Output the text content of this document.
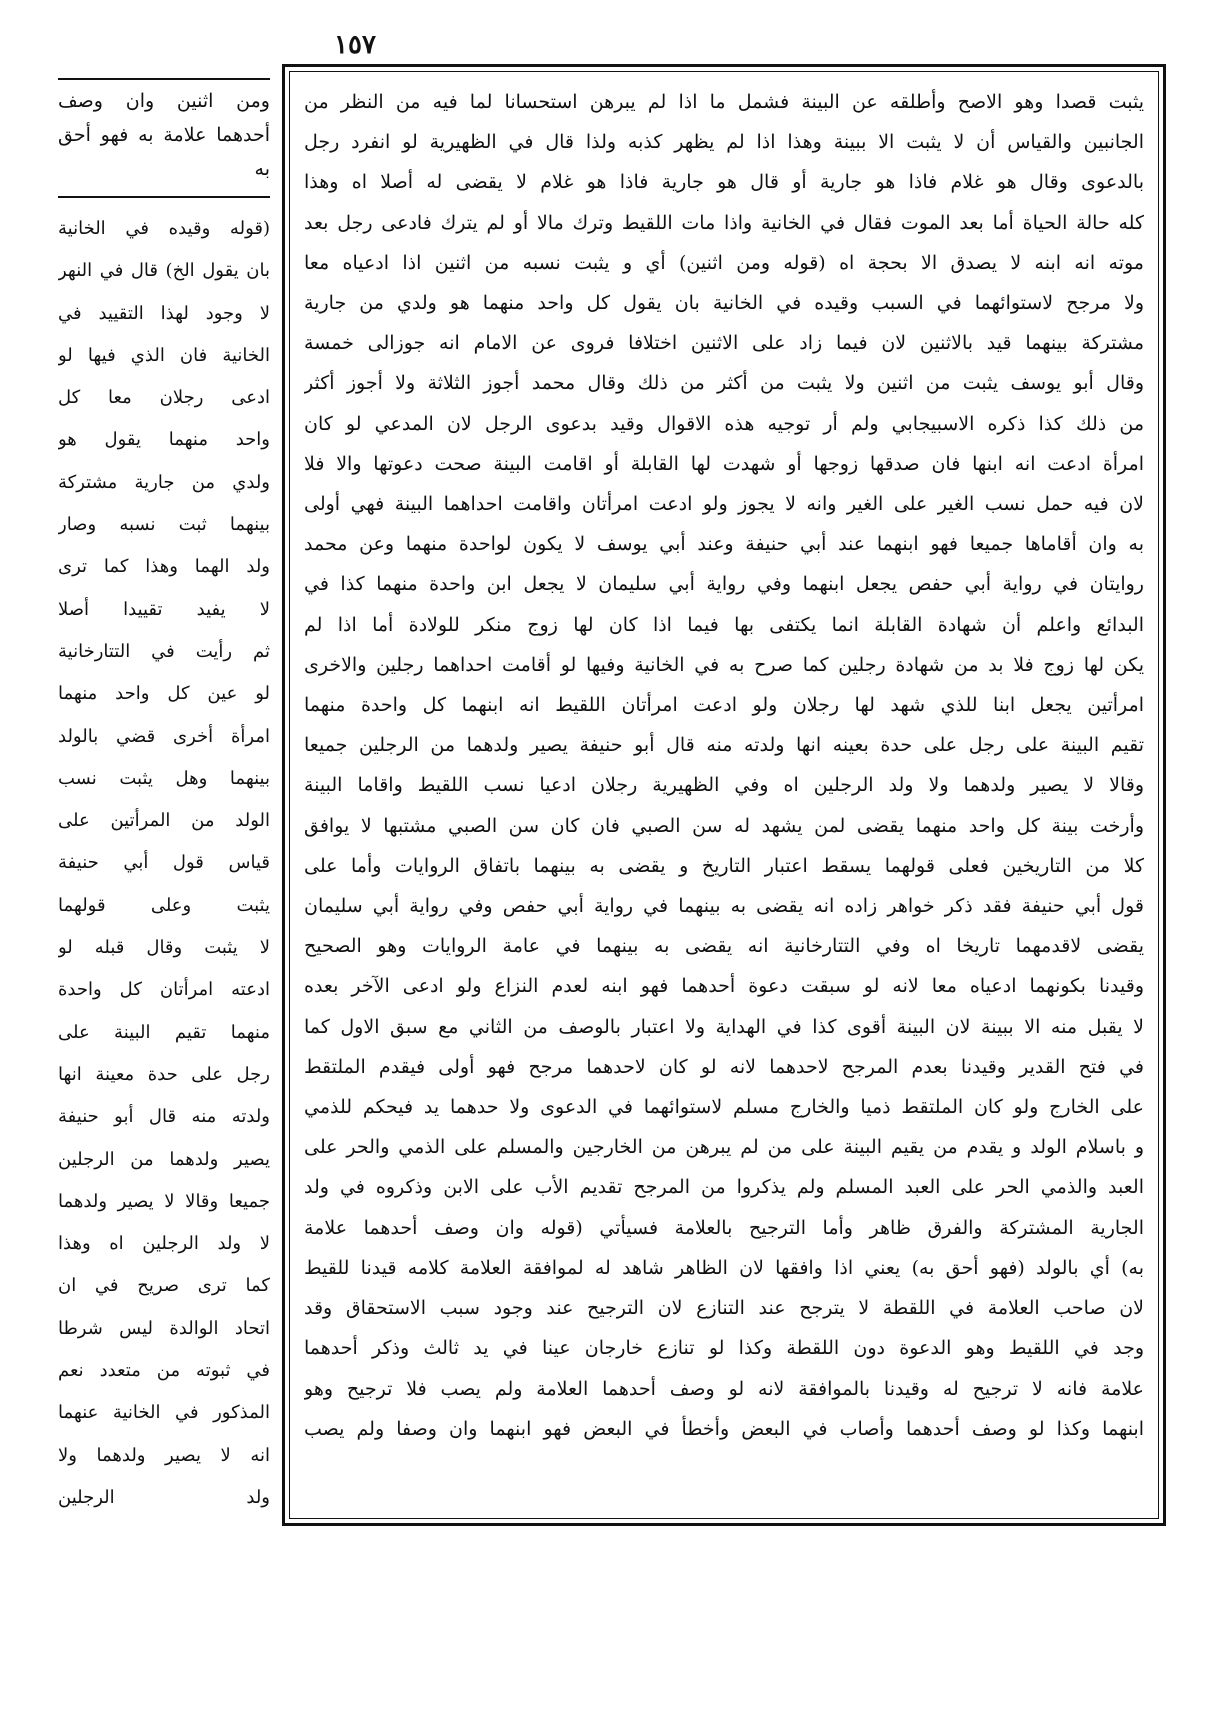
١٥٧
ومن اثنين وان وصف أحدهما علامة به فهو أحق به
(قوله وقيده في الخانية
بان يقول الخ) قال في النهر
لا وجود لهذا التقييد في
الخانية فان الذي فيها لو
ادعى رجلان معا كل
واحد منهما يقول هو
ولدي من جارية مشتركة
بينهما ثبت نسبه وصار
ولد الهما وهذا كما ترى
لا يفيد تقييدا أصلا
ثم رأيت في التتارخانية
لو عين كل واحد منهما
امرأة أخرى قضي بالولد
بينهما وهل يثبت نسب
الولد من المرأتين على
قياس قول أبي حنيفة
يثبت وعلى قولهما
لا يثبت وقال قبله لو
ادعته امرأتان كل واحدة
منهما تقيم البينة على
رجل على حدة معينة انها
ولدته منه قال أبو حنيفة
يصير ولدهما من الرجلين
جميعا وقالا لا يصير ولدهما
لا ولد الرجلين اه وهذا
كما ترى صريح في ان
اتحاد الوالدة ليس شرطا
في ثبوته من متعدد نعم
المذكور في الخانية عنهما
انه لا يصير ولدهما ولا
ولد الرجلين
يثبت قصدا وهو الاصح وأطلقه عن البينة فشمل ما اذا لم يبرهن استحسانا لما فيه من النظر من
الجانبين والقياس أن لا يثبت الا ببينة وهذا اذا لم يظهر كذبه ولذا قال في الظهيرية لو انفرد رجل
بالدعوى وقال هو غلام فاذا هو جارية أو قال هو جارية فاذا هو غلام لا يقضى له أصلا اه وهذا
كله حالة الحياة أما بعد الموت فقال في الخانية واذا مات اللقيط وترك مالا أو لم يترك فادعى رجل بعد
موته انه ابنه لا يصدق الا بحجة اه (قوله ومن اثنين) أي و يثبت نسبه من اثنين اذا ادعياه معا
ولا مرجح لاستوائهما في السبب وقيده في الخانية بان يقول كل واحد منهما هو ولدي من جارية
مشتركة بينهما قيد بالاثنين لان فيما زاد على الاثنين اختلافا فروى عن الامام انه جوزالى خمسة
وقال أبو يوسف يثبت من اثنين ولا يثبت من أكثر من ذلك وقال محمد أجوز الثلاثة ولا أجوز أكثر
من ذلك كذا ذكره الاسبيجابي ولم أر توجيه هذه الاقوال وقيد بدعوى الرجل لان المدعي لو كان
امرأة ادعت انه ابنها فان صدقها زوجها أو شهدت لها القابلة أو اقامت البينة صحت دعوتها والا فلا
لان فيه حمل نسب الغير على الغير وانه لا يجوز ولو ادعت امرأتان واقامت احداهما البينة فهي أولى
به وان أقاماها جميعا فهو ابنهما عند أبي حنيفة وعند أبي يوسف لا يكون لواحدة منهما وعن محمد
روايتان في رواية أبي حفص يجعل ابنهما وفي رواية أبي سليمان لا يجعل ابن واحدة منهما كذا في
البدائع واعلم أن شهادة القابلة انما يكتفى بها فيما اذا كان لها زوج منكر للولادة أما اذا لم
يكن لها زوج فلا بد من شهادة رجلين كما صرح به في الخانية وفيها لو أقامت احداهما رجلين والاخرى
امرأتين يجعل ابنا للذي شهد لها رجلان ولو ادعت امرأتان اللقيط انه ابنهما كل واحدة منهما
تقيم البينة على رجل على حدة بعينه انها ولدته منه قال أبو حنيفة يصير ولدهما من الرجلين جميعا
وقالا لا يصير ولدهما ولا ولد الرجلين اه وفي الظهيرية رجلان ادعيا نسب اللقيط واقاما البينة
وأرخت بينة كل واحد منهما يقضى لمن يشهد له سن الصبي فان كان سن الصبي مشتبها لا يوافق
كلا من التاريخين فعلى قولهما يسقط اعتبار التاريخ و يقضى به بينهما باتفاق الروايات وأما على
قول أبي حنيفة فقد ذكر خواهر زاده انه يقضى به بينهما في رواية أبي حفص وفي رواية أبي سليمان
يقضى لاقدمهما تاريخا اه وفي التتارخانية انه يقضى به بينهما في عامة الروايات وهو الصحيح
وقيدنا بكونهما ادعياه معا لانه لو سبقت دعوة أحدهما فهو ابنه لعدم النزاع ولو ادعى الآخر بعده
لا يقبل منه الا ببينة لان البينة أقوى كذا في الهداية ولا اعتبار بالوصف من الثاني مع سبق الاول كما
في فتح القدير وقيدنا بعدم المرجح لاحدهما لانه لو كان لاحدهما مرجح فهو أولى فيقدم الملتقط
على الخارج ولو كان الملتقط ذميا والخارج مسلم لاستوائهما في الدعوى ولا حدهما يد فيحكم للذمي
و باسلام الولد و يقدم من يقيم البينة على من لم يبرهن من الخارجين والمسلم على الذمي والحر على
العبد والذمي الحر على العبد المسلم ولم يذكروا من المرجح تقديم الأب على الابن وذكروه في ولد
الجارية المشتركة والفرق ظاهر وأما الترجيح بالعلامة فسيأتي (قوله وان وصف أحدهما علامة
به) أي بالولد (فهو أحق به) يعني اذا وافقها لان الظاهر شاهد له لموافقة العلامة كلامه قيدنا للقيط
لان صاحب العلامة في اللقطة لا يترجح عند التنازع لان الترجيح عند وجود سبب الاستحقاق وقد
وجد في اللقيط وهو الدعوة دون اللقطة وكذا لو تنازع خارجان عينا في يد ثالث وذكر أحدهما
علامة فانه لا ترجيح له وقيدنا بالموافقة لانه لو وصف أحدهما العلامة ولم يصب فلا ترجيح وهو
ابنهما وكذا لو وصف أحدهما وأصاب في البعض وأخطأ في البعض فهو ابنهما وان وصفا ولم يصب
